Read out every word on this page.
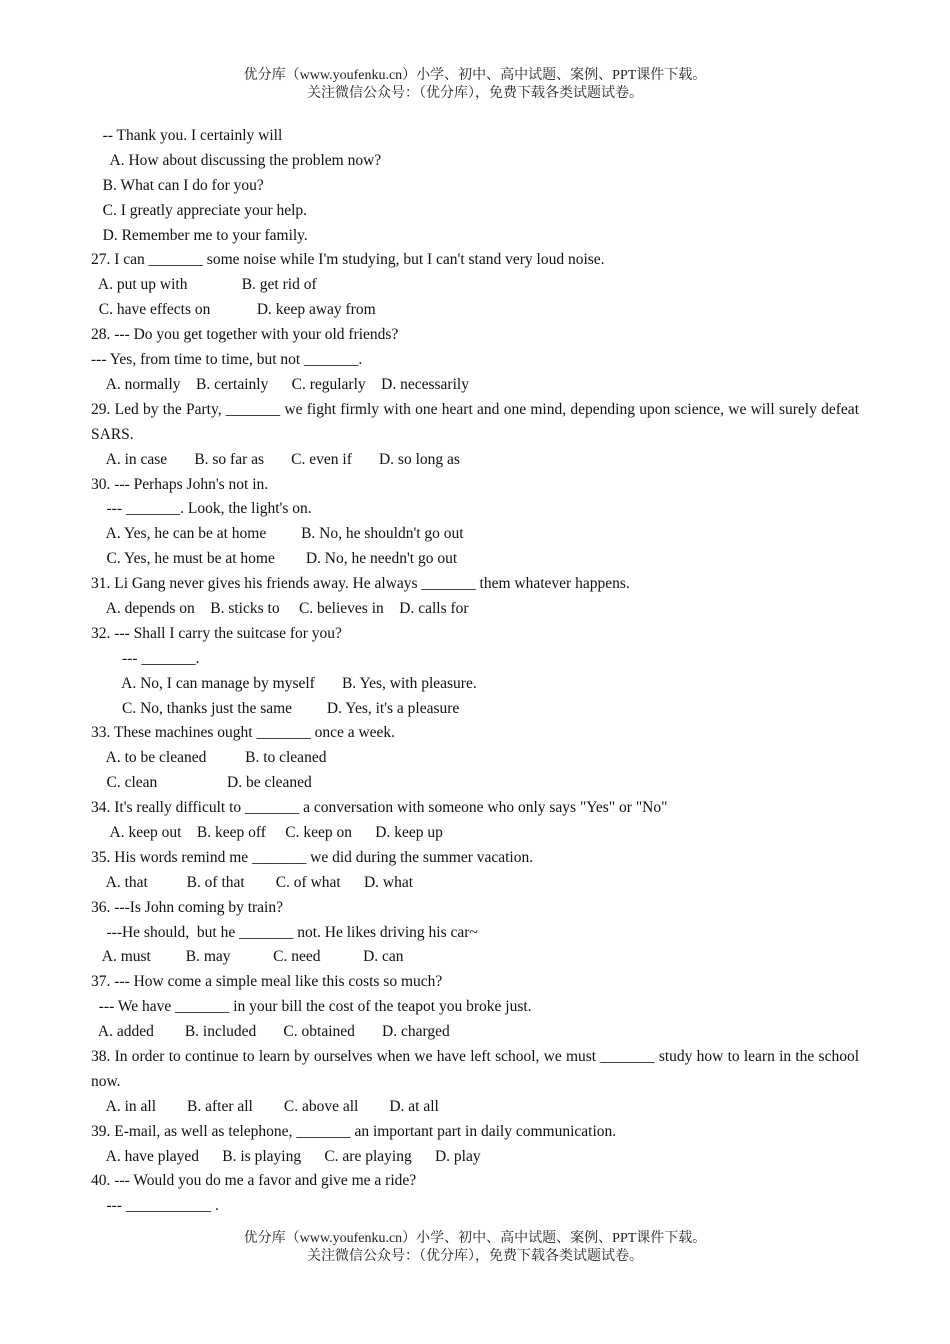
优分库（www.youfenku.cn）小学、初中、高中试题、案例、PPT课件下载。
关注微信公众号：（优分库），免费下载各类试题试卷。
-- Thank you. I certainly will
A. How about discussing the problem now?
B. What can I do for you?
C. I greatly appreciate your help.
D. Remember me to your family.
27. I can _______ some noise while I'm studying, but I can't stand very loud noise.
A. put up with              B. get rid of
C. have effects on            D. keep away from
28. --- Do you get together with your old friends?
--- Yes, from time to time, but not _______.
A. normally    B. certainly      C. regularly    D. necessarily
29. Led by the Party, _______ we fight firmly with one heart and one mind, depending upon science, we will surely defeat SARS.
A. in case       B. so far as       C. even if       D. so long as
30. --- Perhaps John's not in.
--- _______. Look, the light's on.
A. Yes, he can be at home         B. No, he shouldn't go out
C. Yes, he must be at home        D. No, he needn't go out
31. Li Gang never gives his friends away. He always _______ them whatever happens.
A. depends on    B. sticks to     C. believes in    D. calls for
32. --- Shall I carry the suitcase for you?
--- _______.
A. No, I can manage by myself       B. Yes, with pleasure.
C. No, thanks just the same         D. Yes, it's a pleasure
33. These machines ought _______ once a week.
A. to be cleaned          B. to cleaned
C. clean                  D. be cleaned
34. It's really difficult to _______ a conversation with someone who only says "Yes" or "No"
A. keep out    B. keep off     C. keep on      D. keep up
35. His words remind me _______ we did during the summer vacation.
A. that          B. of that        C. of what      D. what
36. ---Is John coming by train?
---He should,  but he _______ not. He likes driving his car~
A. must         B. may           C. need           D. can
37. --- How come a simple meal like this costs so much?
--- We have _______ in your bill the cost of the teapot you broke just.
A. added        B. included       C. obtained       D. charged
38. In order to continue to learn by ourselves when we have left school, we must _______ study how to learn in the school now.
A. in all        B. after all        C. above all        D. at all
39. E-mail, as well as telephone, _______ an important part in daily communication.
A. have played      B. is playing      C. are playing      D. play
40. --- Would you do me a favor and give me a ride?
--- ___________ .
优分库（www.youfenku.cn）小学、初中、高中试题、案例、PPT课件下载。
关注微信公众号：（优分库），免费下载各类试题试卷。
